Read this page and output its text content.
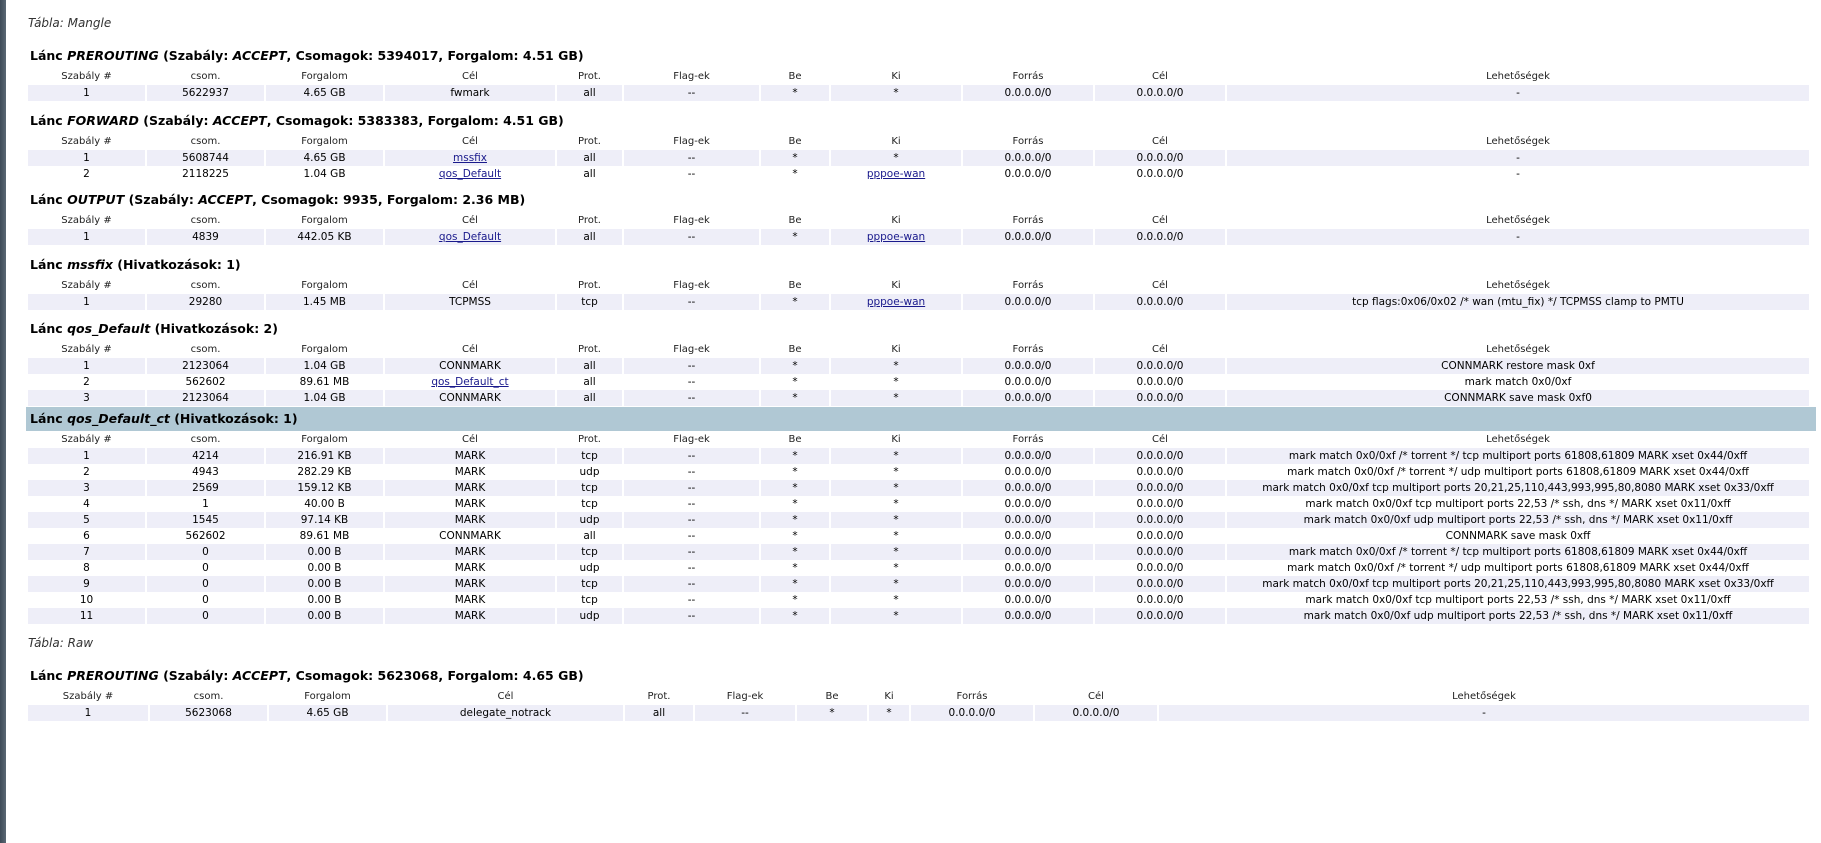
Tábla: Mangle
Lánc PREROUTING (Szabály: ACCEPT, Csomagok: 5394017, Forgalom: 4.51 GB)
Szabály #	csom.	Forgalom	Cél	Prot.	Flag-ek	Be	Ki	Forrás	Cél	Lehetőségek
1	5622937	4.65 GB	fwmark	all	--	*	*	0.0.0.0/0	0.0.0.0/0	-
Lánc FORWARD (Szabály: ACCEPT, Csomagok: 5383383, Forgalom: 4.51 GB)
Szabály #	csom.	Forgalom	Cél	Prot.	Flag-ek	Be	Ki	Forrás	Cél	Lehetőségek
1	5608744	4.65 GB	mssfix	all	--	*	*	0.0.0.0/0	0.0.0.0/0	-
2	2118225	1.04 GB	qos_Default	all	--	*	pppoe-wan	0.0.0.0/0	0.0.0.0/0	-
Lánc OUTPUT (Szabály: ACCEPT, Csomagok: 9935, Forgalom: 2.36 MB)
Szabály #	csom.	Forgalom	Cél	Prot.	Flag-ek	Be	Ki	Forrás	Cél	Lehetőségek
1	4839	442.05 KB	qos_Default	all	--	*	pppoe-wan	0.0.0.0/0	0.0.0.0/0	-
Lánc mssfix (Hivatkozások: 1)
Szabály #	csom.	Forgalom	Cél	Prot.	Flag-ek	Be	Ki	Forrás	Cél	Lehetőségek
1	29280	1.45 MB	TCPMSS	tcp	--	*	pppoe-wan	0.0.0.0/0	0.0.0.0/0	tcp flags:0x06/0x02 /* wan (mtu_fix) */ TCPMSS clamp to PMTU
Lánc qos_Default (Hivatkozások: 2)
Szabály #	csom.	Forgalom	Cél	Prot.	Flag-ek	Be	Ki	Forrás	Cél	Lehetőségek
1	2123064	1.04 GB	CONNMARK	all	--	*	*	0.0.0.0/0	0.0.0.0/0	CONNMARK restore mask 0xf
2	562602	89.61 MB	qos_Default_ct	all	--	*	*	0.0.0.0/0	0.0.0.0/0	mark match 0x0/0xf
3	2123064	1.04 GB	CONNMARK	all	--	*	*	0.0.0.0/0	0.0.0.0/0	CONNMARK save mask 0xf0
Lánc qos_Default_ct (Hivatkozások: 1)
Szabály #	csom.	Forgalom	Cél	Prot.	Flag-ek	Be	Ki	Forrás	Cél	Lehetőségek
1	4214	216.91 KB	MARK	tcp	--	*	*	0.0.0.0/0	0.0.0.0/0	mark match 0x0/0xf /* torrent */ tcp multiport ports 61808,61809 MARK xset 0x44/0xff
2	4943	282.29 KB	MARK	udp	--	*	*	0.0.0.0/0	0.0.0.0/0	mark match 0x0/0xf /* torrent */ udp multiport ports 61808,61809 MARK xset 0x44/0xff
3	2569	159.12 KB	MARK	tcp	--	*	*	0.0.0.0/0	0.0.0.0/0	mark match 0x0/0xf tcp multiport ports 20,21,25,110,443,993,995,80,8080 MARK xset 0x33/0xff
4	1	40.00 B	MARK	tcp	--	*	*	0.0.0.0/0	0.0.0.0/0	mark match 0x0/0xf tcp multiport ports 22,53 /* ssh, dns */ MARK xset 0x11/0xff
5	1545	97.14 KB	MARK	udp	--	*	*	0.0.0.0/0	0.0.0.0/0	mark match 0x0/0xf udp multiport ports 22,53 /* ssh, dns */ MARK xset 0x11/0xff
6	562602	89.61 MB	CONNMARK	all	--	*	*	0.0.0.0/0	0.0.0.0/0	CONNMARK save mask 0xff
7	0	0.00 B	MARK	tcp	--	*	*	0.0.0.0/0	0.0.0.0/0	mark match 0x0/0xf /* torrent */ tcp multiport ports 61808,61809 MARK xset 0x44/0xff
8	0	0.00 B	MARK	udp	--	*	*	0.0.0.0/0	0.0.0.0/0	mark match 0x0/0xf /* torrent */ udp multiport ports 61808,61809 MARK xset 0x44/0xff
9	0	0.00 B	MARK	tcp	--	*	*	0.0.0.0/0	0.0.0.0/0	mark match 0x0/0xf tcp multiport ports 20,21,25,110,443,993,995,80,8080 MARK xset 0x33/0xff
10	0	0.00 B	MARK	tcp	--	*	*	0.0.0.0/0	0.0.0.0/0	mark match 0x0/0xf tcp multiport ports 22,53 /* ssh, dns */ MARK xset 0x11/0xff
11	0	0.00 B	MARK	udp	--	*	*	0.0.0.0/0	0.0.0.0/0	mark match 0x0/0xf udp multiport ports 22,53 /* ssh, dns */ MARK xset 0x11/0xff
Tábla: Raw
Lánc PREROUTING (Szabály: ACCEPT, Csomagok: 5623068, Forgalom: 4.65 GB)
Szabály #	csom.	Forgalom	Cél	Prot.	Flag-ek	Be	Ki	Forrás	Cél	Lehetőségek
1	5623068	4.65 GB	delegate_notrack	all	--	*	*	0.0.0.0/0	0.0.0.0/0	-
